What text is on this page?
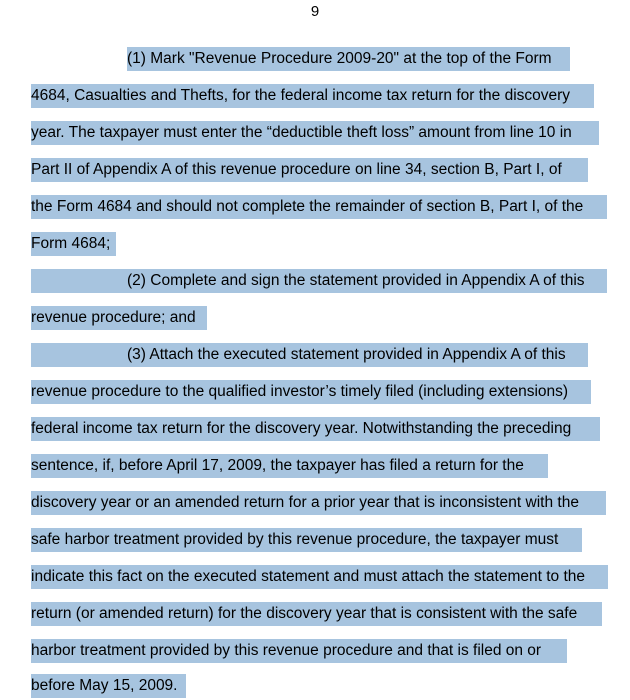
9
(1) Mark "Revenue Procedure 2009-20" at the top of the Form
4684, Casualties and Thefts, for the federal income tax return for the discovery
year. The taxpayer must enter the “deductible theft loss” amount from line 10 in
Part II of Appendix A of this revenue procedure on line 34, section B, Part I, of
the Form 4684 and should not complete the remainder of section B, Part I, of the
Form 4684;
(2) Complete and sign the statement provided in Appendix A of this
revenue procedure; and
(3) Attach the executed statement provided in Appendix A of this
revenue procedure to the qualified investor’s timely filed (including extensions)
federal income tax return for the discovery year. Notwithstanding the preceding
sentence, if, before April 17, 2009, the taxpayer has filed a return for the
discovery year or an amended return for a prior year that is inconsistent with the
safe harbor treatment provided by this revenue procedure, the taxpayer must
indicate this fact on the executed statement and must attach the statement to the
return (or amended return) for the discovery year that is consistent with the safe
harbor treatment provided by this revenue procedure and that is filed on or
before May 15, 2009.
